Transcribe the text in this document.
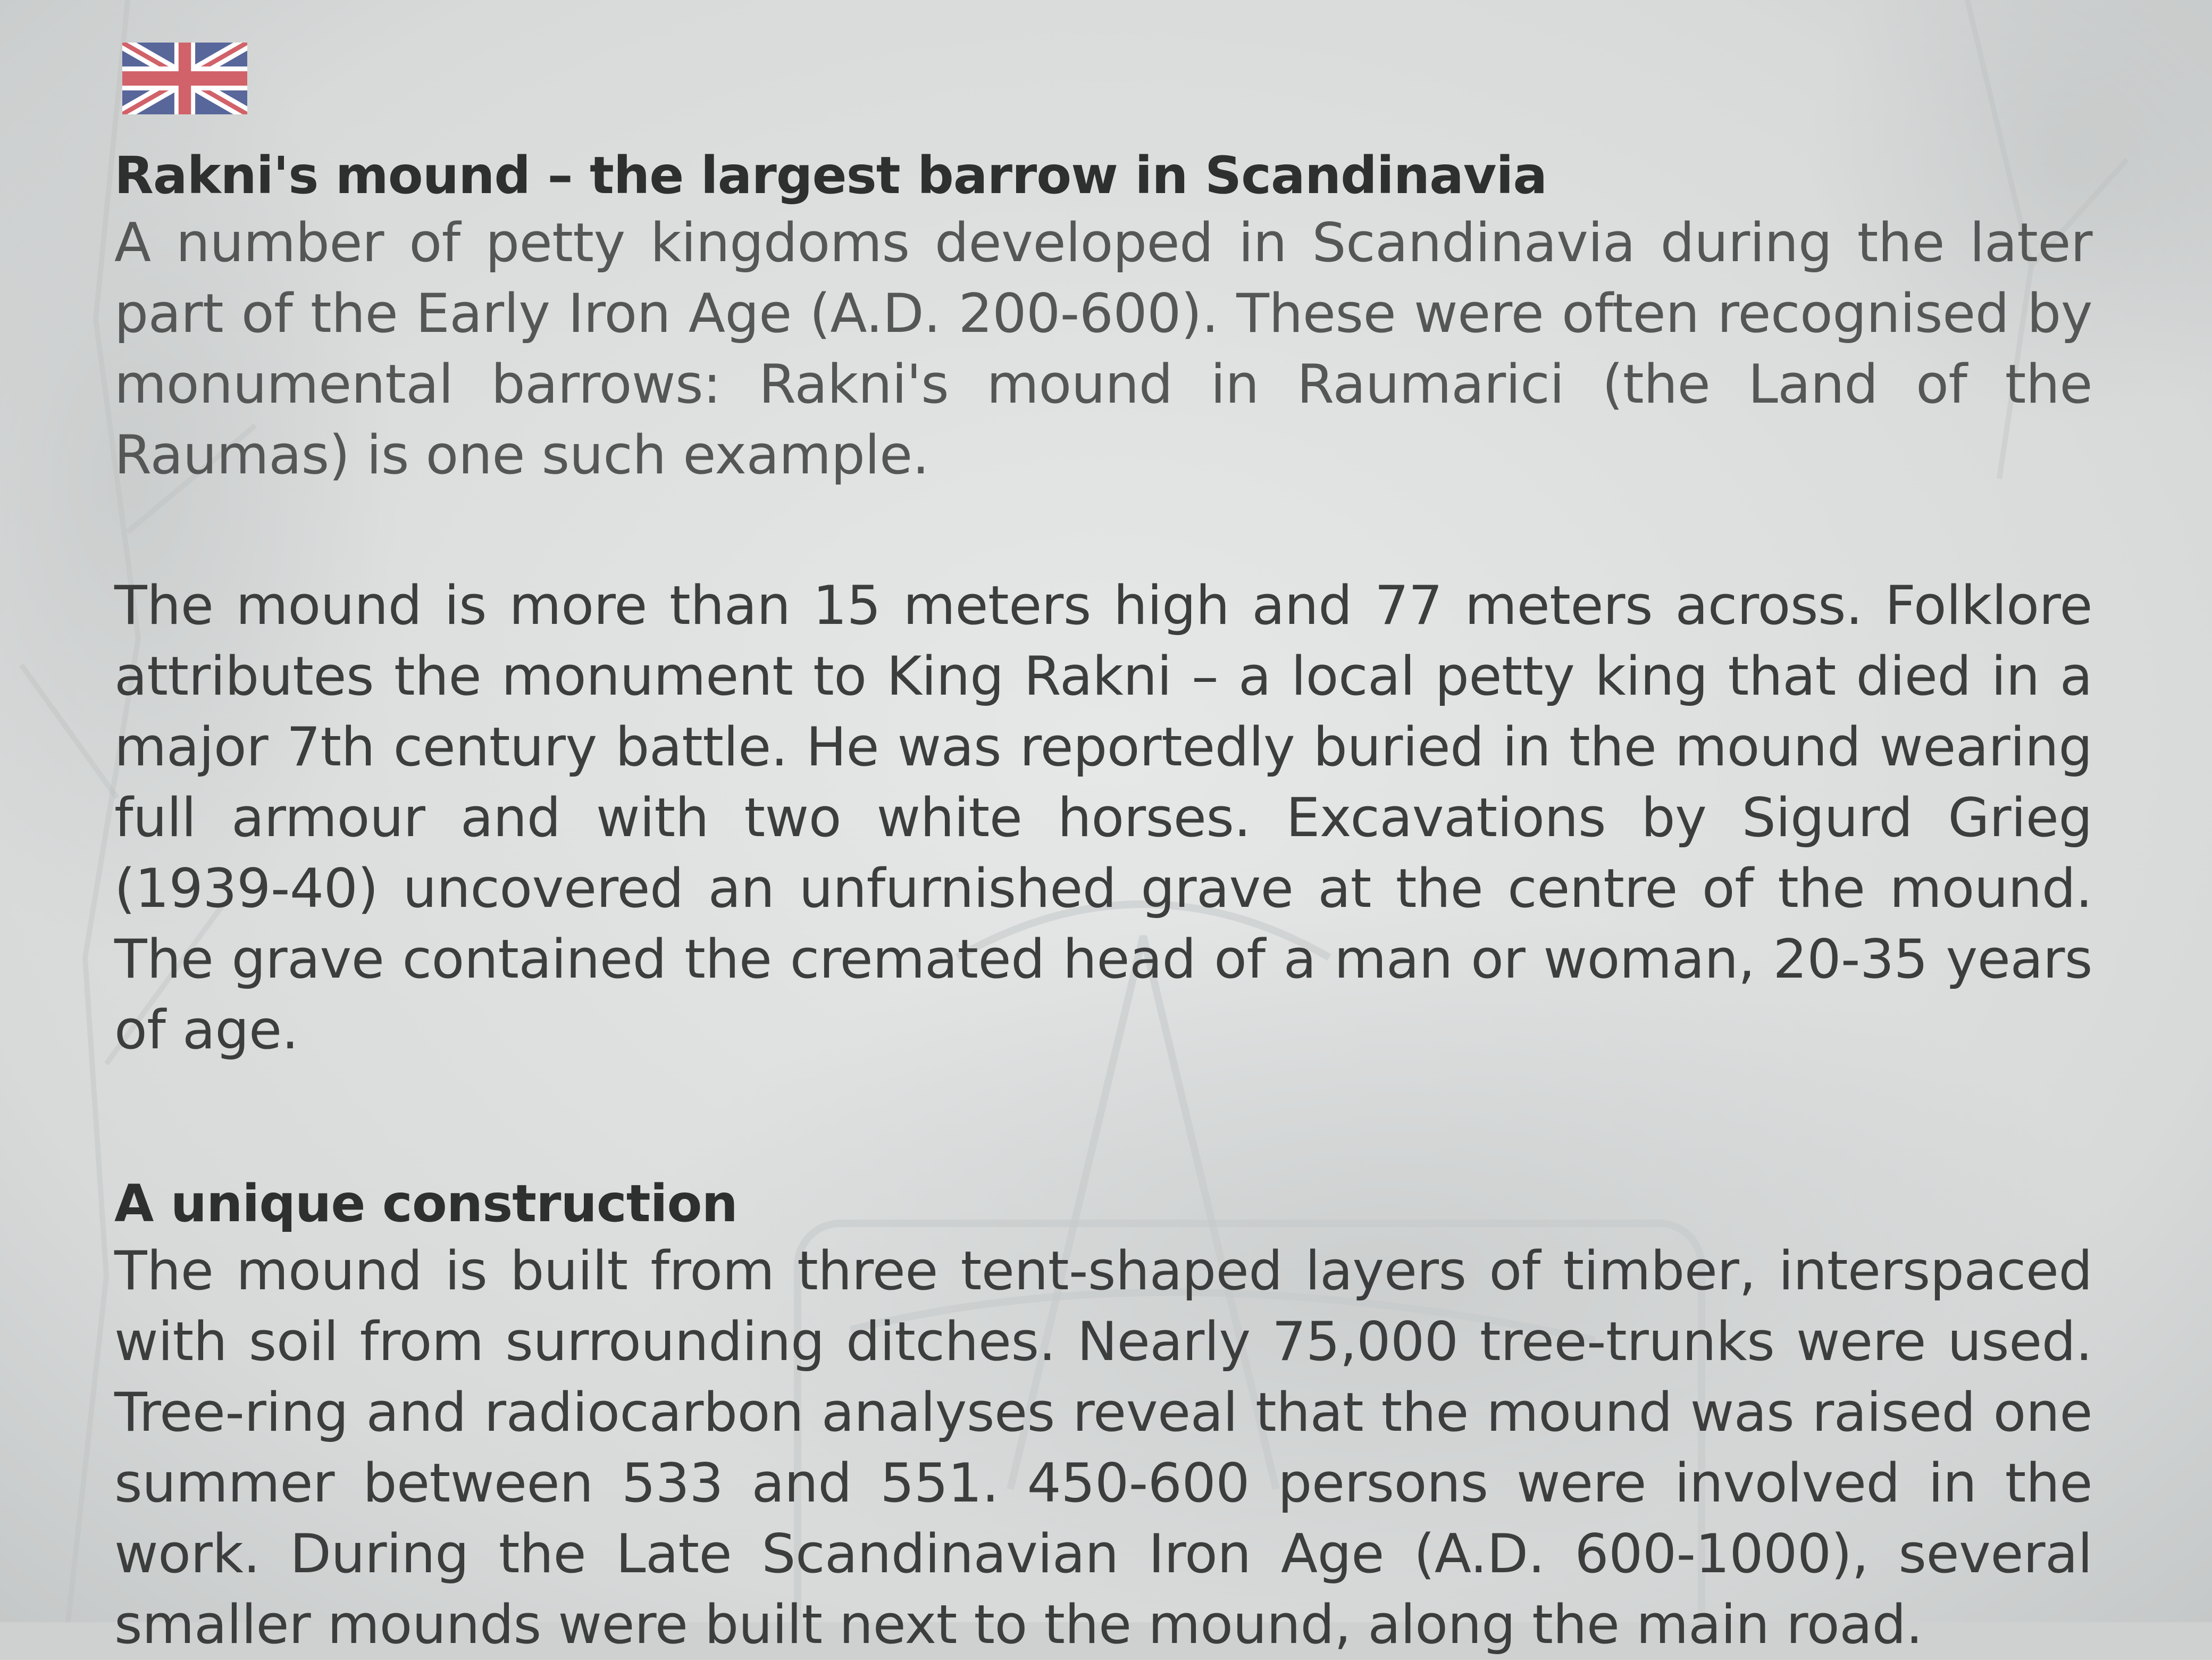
Rakni's mound – the largest barrow in Scandinavia

A number of petty kingdoms developed in Scandinavia during the later part of the Early Iron Age (A.D. 200-600). These were often recognised by monumental barrows: Rakni's mound in Raumarici (the Land of the Raumas) is one such example.

The mound is more than 15 meters high and 77 meters across. Folklore attributes the monument to King Rakni – a local petty king that died in a major 7th century battle. He was reportedly buried in the mound wearing full armour and with two white horses. Excavations by Sigurd Grieg (1939-40) uncovered an unfurnished grave at the centre of the mound. The grave contained the cremated head of a man or woman, 20-35 years of age.

A unique construction

The mound is built from three tent-shaped layers of timber, interspaced with soil from surrounding ditches. Nearly 75,000 tree-trunks were used. Tree-ring and radiocarbon analyses reveal that the mound was raised one summer between 533 and 551. 450-600 persons were involved in the work. During the Late Scandinavian Iron Age (A.D. 600-1000), several smaller mounds were built next to the mound, along the main road.
